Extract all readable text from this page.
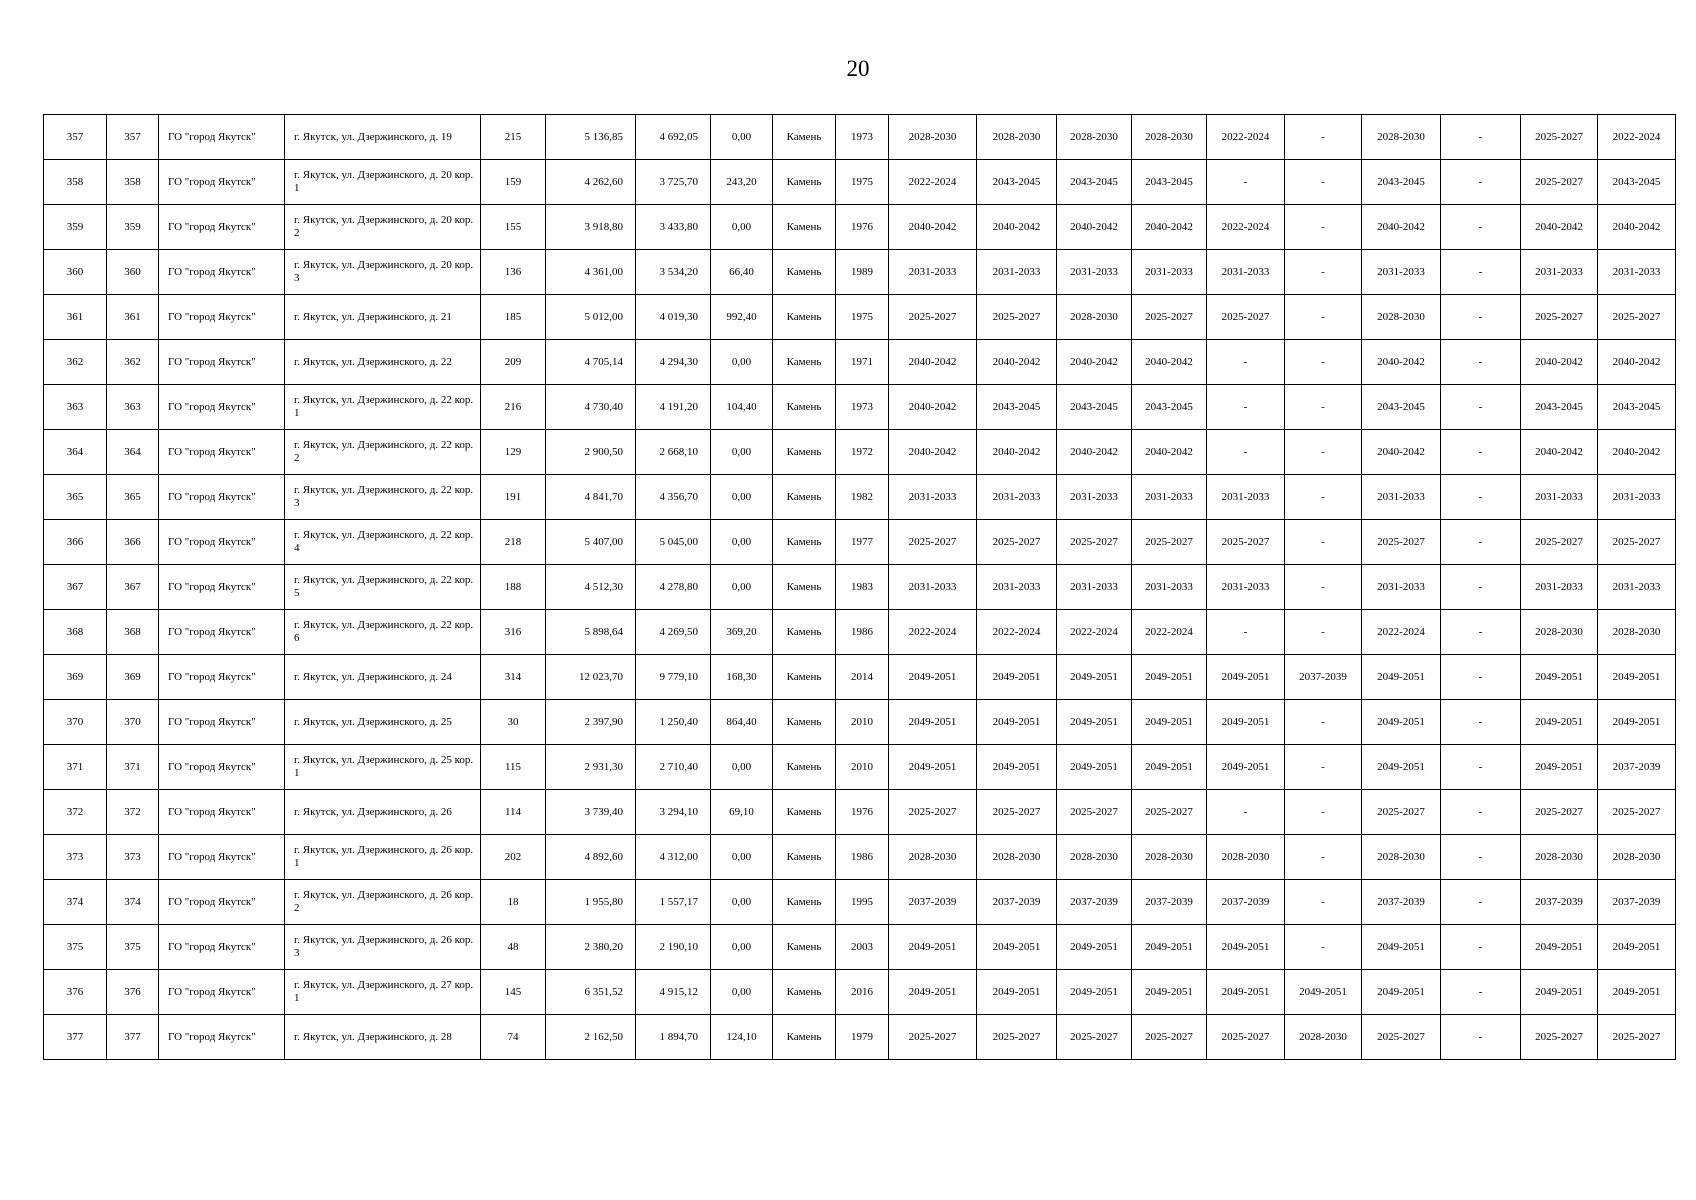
20
357	357	ГО "город Якутск"	г. Якутск, ул. Дзержинского, д. 19	215	5 136,85	4 692,05	0,00	Камень	1973	2028-2030	2028-2030	2028-2030	2028-2030	2022-2024	-	2028-2030	-	2025-2027	2022-2024
358	358	ГО "город Якутск"	г. Якутск, ул. Дзержинского, д. 20 кор. 1	159	4 262,60	3 725,70	243,20	Камень	1975	2022-2024	2043-2045	2043-2045	2043-2045	-	-	2043-2045	-	2025-2027	2043-2045
359	359	ГО "город Якутск"	г. Якутск, ул. Дзержинского, д. 20 кор. 2	155	3 918,80	3 433,80	0,00	Камень	1976	2040-2042	2040-2042	2040-2042	2040-2042	2022-2024	-	2040-2042	-	2040-2042	2040-2042
360	360	ГО "город Якутск"	г. Якутск, ул. Дзержинского, д. 20 кор. 3	136	4 361,00	3 534,20	66,40	Камень	1989	2031-2033	2031-2033	2031-2033	2031-2033	2031-2033	-	2031-2033	-	2031-2033	2031-2033
361	361	ГО "город Якутск"	г. Якутск, ул. Дзержинского, д. 21	185	5 012,00	4 019,30	992,40	Камень	1975	2025-2027	2025-2027	2028-2030	2025-2027	2025-2027	-	2028-2030	-	2025-2027	2025-2027
362	362	ГО "город Якутск"	г. Якутск, ул. Дзержинского, д. 22	209	4 705,14	4 294,30	0,00	Камень	1971	2040-2042	2040-2042	2040-2042	2040-2042	-	-	2040-2042	-	2040-2042	2040-2042
363	363	ГО "город Якутск"	г. Якутск, ул. Дзержинского, д. 22 кор. 1	216	4 730,40	4 191,20	104,40	Камень	1973	2040-2042	2043-2045	2043-2045	2043-2045	-	-	2043-2045	-	2043-2045	2043-2045
364	364	ГО "город Якутск"	г. Якутск, ул. Дзержинского, д. 22 кор. 2	129	2 900,50	2 668,10	0,00	Камень	1972	2040-2042	2040-2042	2040-2042	2040-2042	-	-	2040-2042	-	2040-2042	2040-2042
365	365	ГО "город Якутск"	г. Якутск, ул. Дзержинского, д. 22 кор. 3	191	4 841,70	4 356,70	0,00	Камень	1982	2031-2033	2031-2033	2031-2033	2031-2033	2031-2033	-	2031-2033	-	2031-2033	2031-2033
366	366	ГО "город Якутск"	г. Якутск, ул. Дзержинского, д. 22 кор. 4	218	5 407,00	5 045,00	0,00	Камень	1977	2025-2027	2025-2027	2025-2027	2025-2027	2025-2027	-	2025-2027	-	2025-2027	2025-2027
367	367	ГО "город Якутск"	г. Якутск, ул. Дзержинского, д. 22 кор. 5	188	4 512,30	4 278,80	0,00	Камень	1983	2031-2033	2031-2033	2031-2033	2031-2033	2031-2033	-	2031-2033	-	2031-2033	2031-2033
368	368	ГО "город Якутск"	г. Якутск, ул. Дзержинского, д. 22 кор. 6	316	5 898,64	4 269,50	369,20	Камень	1986	2022-2024	2022-2024	2022-2024	2022-2024	-	-	2022-2024	-	2028-2030	2028-2030
369	369	ГО "город Якутск"	г. Якутск, ул. Дзержинского, д. 24	314	12 023,70	9 779,10	168,30	Камень	2014	2049-2051	2049-2051	2049-2051	2049-2051	2049-2051	2037-2039	2049-2051	-	2049-2051	2049-2051
370	370	ГО "город Якутск"	г. Якутск, ул. Дзержинского, д. 25	30	2 397,90	1 250,40	864,40	Камень	2010	2049-2051	2049-2051	2049-2051	2049-2051	2049-2051	-	2049-2051	-	2049-2051	2049-2051
371	371	ГО "город Якутск"	г. Якутск, ул. Дзержинского, д. 25 кор. 1	115	2 931,30	2 710,40	0,00	Камень	2010	2049-2051	2049-2051	2049-2051	2049-2051	2049-2051	-	2049-2051	-	2049-2051	2037-2039
372	372	ГО "город Якутск"	г. Якутск, ул. Дзержинского, д. 26	114	3 739,40	3 294,10	69,10	Камень	1976	2025-2027	2025-2027	2025-2027	2025-2027	-	-	2025-2027	-	2025-2027	2025-2027
373	373	ГО "город Якутск"	г. Якутск, ул. Дзержинского, д. 26 кор. 1	202	4 892,60	4 312,00	0,00	Камень	1986	2028-2030	2028-2030	2028-2030	2028-2030	2028-2030	-	2028-2030	-	2028-2030	2028-2030
374	374	ГО "город Якутск"	г. Якутск, ул. Дзержинского, д. 26 кор. 2	18	1 955,80	1 557,17	0,00	Камень	1995	2037-2039	2037-2039	2037-2039	2037-2039	2037-2039	-	2037-2039	-	2037-2039	2037-2039
375	375	ГО "город Якутск"	г. Якутск, ул. Дзержинского, д. 26 кор. 3	48	2 380,20	2 190,10	0,00	Камень	2003	2049-2051	2049-2051	2049-2051	2049-2051	2049-2051	-	2049-2051	-	2049-2051	2049-2051
376	376	ГО "город Якутск"	г. Якутск, ул. Дзержинского, д. 27 кор. 1	145	6 351,52	4 915,12	0,00	Камень	2016	2049-2051	2049-2051	2049-2051	2049-2051	2049-2051	2049-2051	2049-2051	-	2049-2051	2049-2051
377	377	ГО "город Якутск"	г. Якутск, ул. Дзержинского, д. 28	74	2 162,50	1 894,70	124,10	Камень	1979	2025-2027	2025-2027	2025-2027	2025-2027	2025-2027	2028-2030	2025-2027	-	2025-2027	2025-2027
